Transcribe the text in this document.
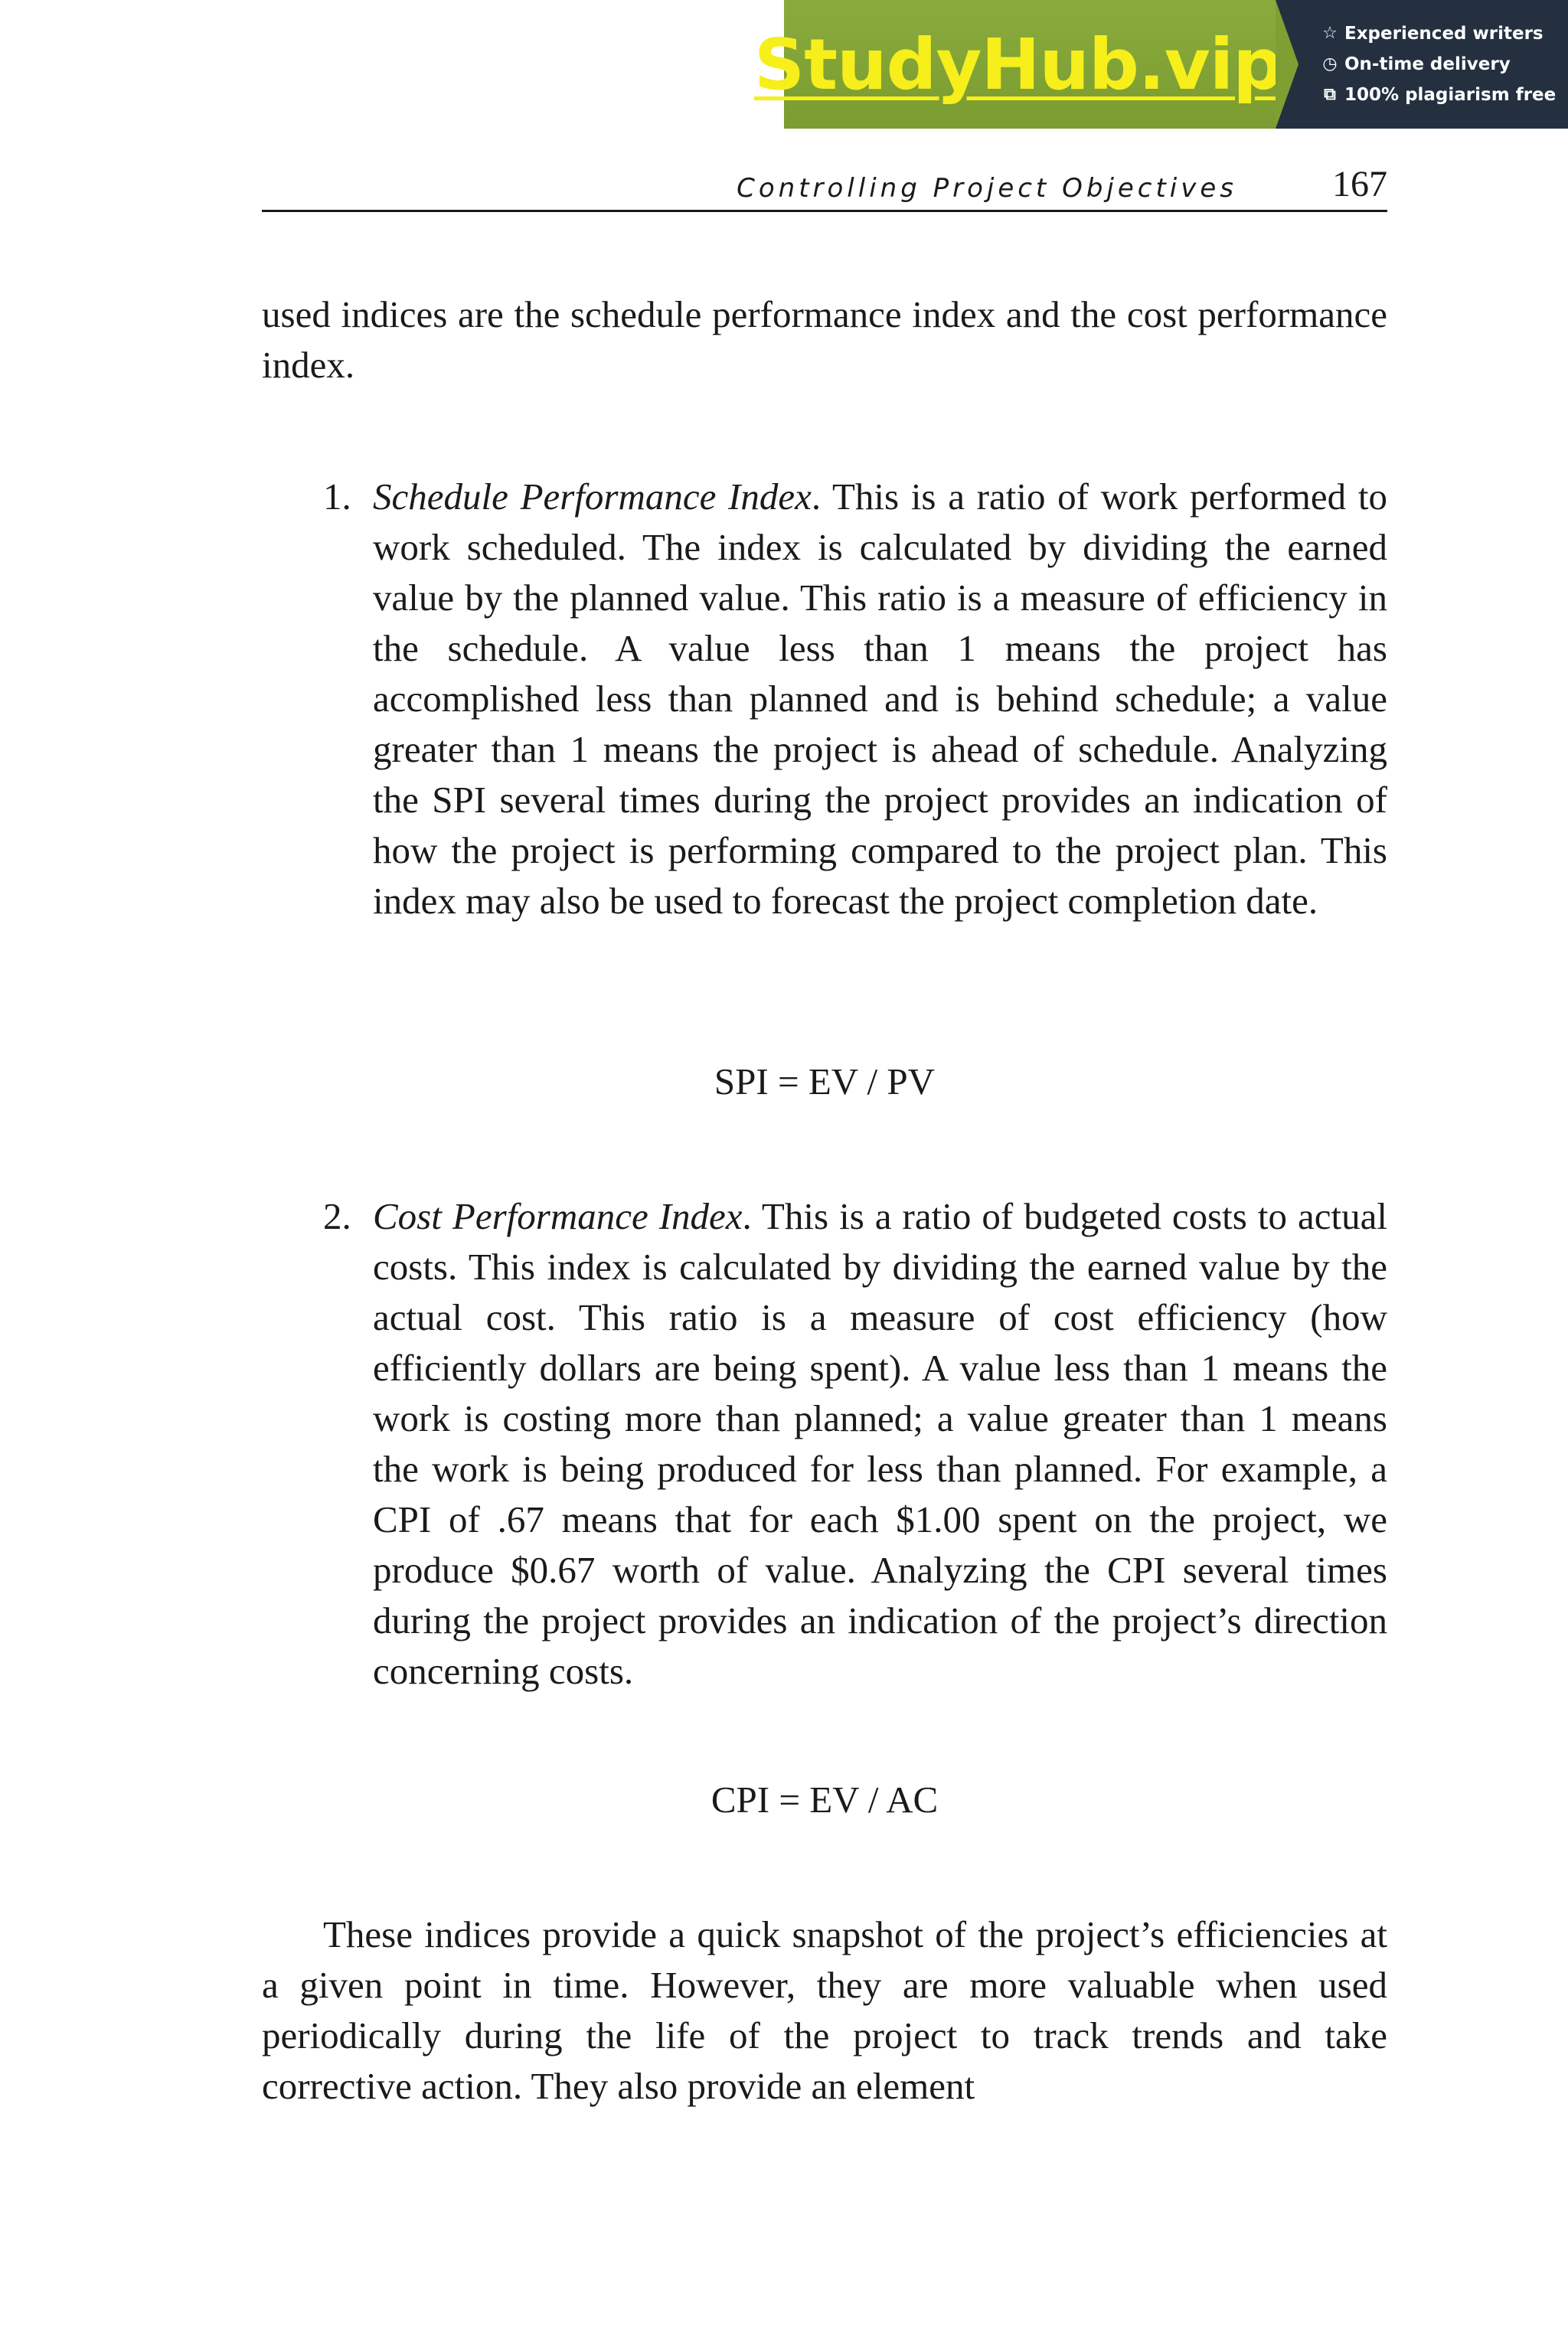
StudyHub.vip ☆ Experienced writers
◷ On-time delivery
⧉ 100% plagiarism free
Controlling Project Objectives	167

used indices are the schedule performance index and the cost performance index.

1. Schedule Performance Index. This is a ratio of work performed to work scheduled. The index is calculated by dividing the earned value by the planned value. This ratio is a measure of efficiency in the schedule. A value less than 1 means the project has accomplished less than planned and is behind schedule; a value greater than 1 means the project is ahead of schedule. Analyzing the SPI several times during the project provides an indication of how the project is performing compared to the project plan. This index may also be used to forecast the project completion date.
SPI = EV / PV
2. Cost Performance Index. This is a ratio of budgeted costs to actual costs. This index is calculated by dividing the earned value by the actual cost. This ratio is a measure of cost efficiency (how efficiently dollars are being spent). A value less than 1 means the work is costing more than planned; a value greater than 1 means the work is being produced for less than planned. For example, a CPI of .67 means that for each $1.00 spent on the project, we produce $0.67 worth of value. Analyzing the CPI several times during the project provides an indication of the project’s direction concerning costs.
CPI = EV / AC

These indices provide a quick snapshot of the project’s efficiencies at a given point in time. However, they are more valuable when used periodically during the life of the project to track trends and take corrective action. They also provide an element
